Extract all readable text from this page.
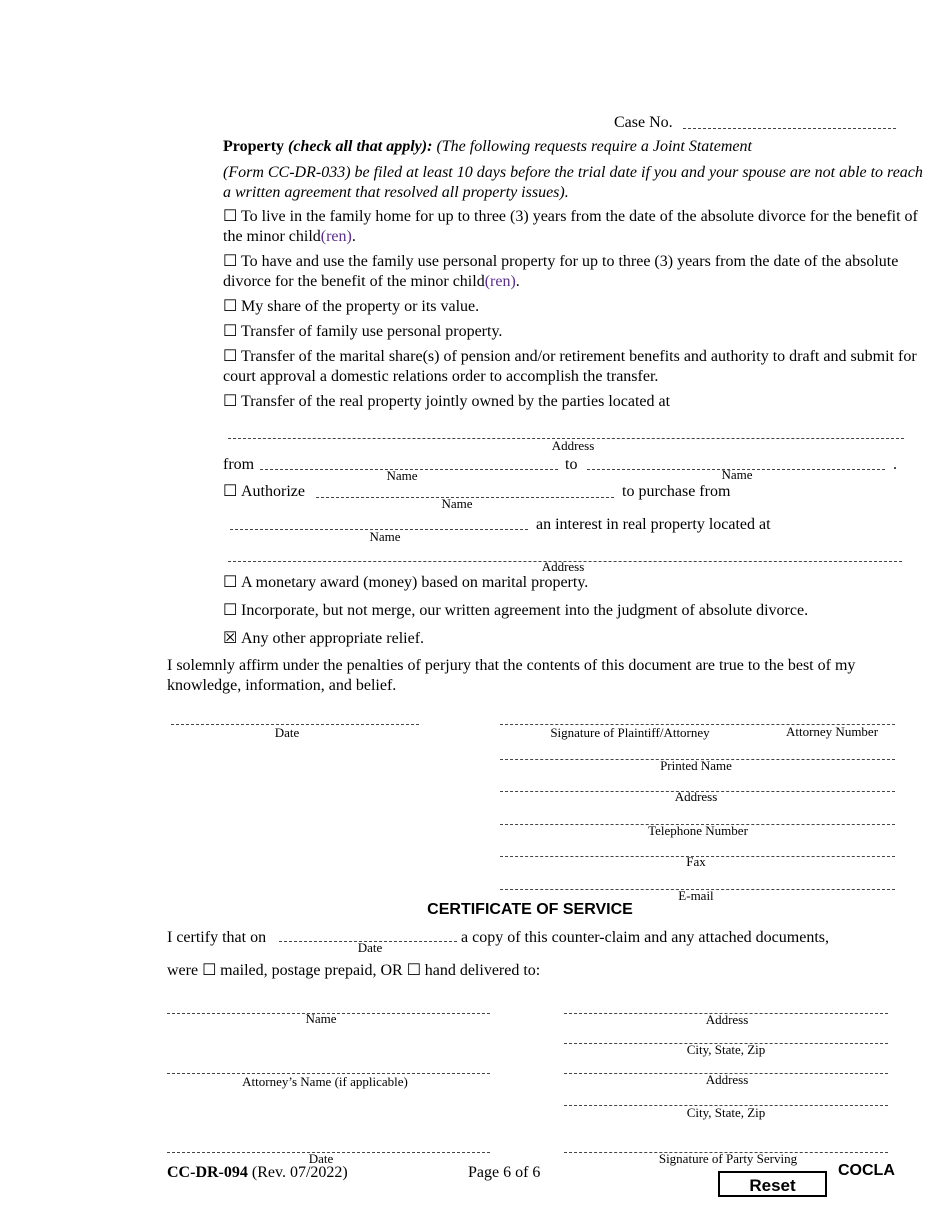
Case No.
Property (check all that apply): (The following requests require a Joint Statement
(Form CC-DR-033) be filed at least 10 days before the trial date if you and your spouse are not able to reach a written agreement that resolved all property issues).
☐ To live in the family home for up to three (3) years from the date of the absolute divorce for the benefit of the minor child(ren).
☐ To have and use the family use personal property for up to three (3) years from the date of the absolute divorce for the benefit of the minor child(ren).
☐ My share of the property or its value.
☐ Transfer of family use personal property.
☐ Transfer of the marital share(s) of pension and/or retirement benefits and authority to draft and submit for court approval a domestic relations order to accomplish the transfer.
☐ Transfer of the real property jointly owned by the parties located at
Address
from
Name
to
Name
.
☐ Authorize
Name
to purchase from
Name
an interest in real property located at
Address
☐ A monetary award (money) based on marital property.
☐ Incorporate, but not merge, our written agreement into the judgment of absolute divorce.
☒ Any other appropriate relief.
I solemnly affirm under the penalties of perjury that the contents of this document are true to the best of my knowledge, information, and belief.
Date	Signature of Plaintiff/Attorney	Attorney Number
Printed Name
Address
Telephone Number
Fax
E-mail
CERTIFICATE OF SERVICE
I certify that on
Date
a copy of this counter-claim and any attached documents,
were ☐ mailed, postage prepaid, OR ☐ hand delivered to:
Name
Attorney’s Name (if applicable)
Date
Address
City, State, Zip
Address
City, State, Zip
Signature of Party Serving
CC-DR-094 (Rev. 07/2022)	Page 6 of 6
Reset
COCLA
